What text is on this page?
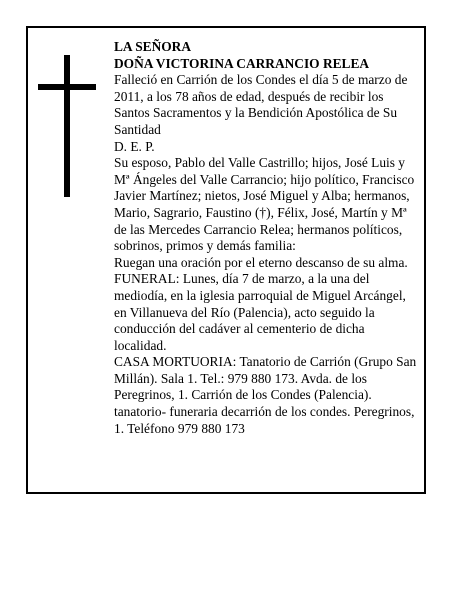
LA SEÑORA

DOÑA VICTORINA CARRANCIO RELEA

Falleció en Carrión de los Condes el día 5 de marzo de 2011, a los 78 años de edad, después de recibir los Santos Sacramentos y la Bendición Apostólica de Su Santidad

D. E. P.

Su esposo, Pablo del Valle Castrillo; hijos, José Luis y Mª Ángeles del Valle Carrancio; hijo político, Francisco Javier Martínez; nietos, José Miguel y Alba; hermanos, Mario, Sagrario, Faustino (†), Félix, José, Martín y Mª de las Mercedes Carrancio Relea; hermanos políticos, sobrinos, primos y demás familia:

Ruegan una oración por el eterno descanso de su alma.

FUNERAL: Lunes, día 7 de marzo, a la una del mediodía, en la iglesia parroquial de Miguel Arcángel, en Villanueva del Río (Palencia), acto seguido la conducción del cadáver al cementerio de dicha localidad.

CASA MORTUORIA: Tanatorio de Carrión (Grupo San Millán). Sala 1. Tel.: 979 880 173. Avda. de los Peregrinos, 1. Carrión de los Condes (Palencia).

tanatorio- funeraria decarrión de los condes. Peregrinos, 1. Teléfono 979 880 173
